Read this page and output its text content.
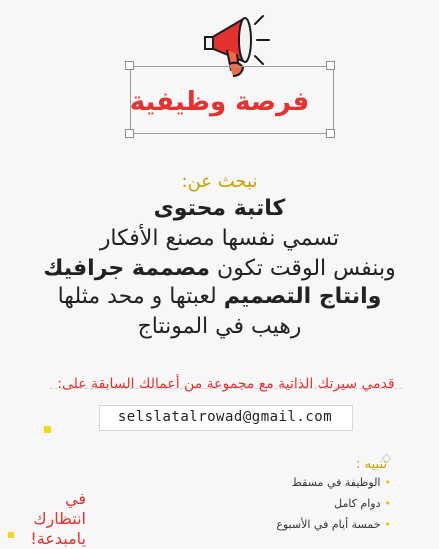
فرصة وظيفية
نبحث عن:
كاتبة محتوى
تسمي نفسها مصنع الأفكار
وبنفس الوقت تكون مصممة جرافيك
وانتاج التصميم لعبتها و محد مثلها
رهيب في المونتاج
قدمي سيرتك الذاتية مع مجموعة من أعمالك السابقة على:
selslatalrowad@gmail.com
تنبيه :
• الوظيفة في مسقط
• دوام كامل
• خمسة أيام في الأسبوع
في انتظارك يامبدعة!
